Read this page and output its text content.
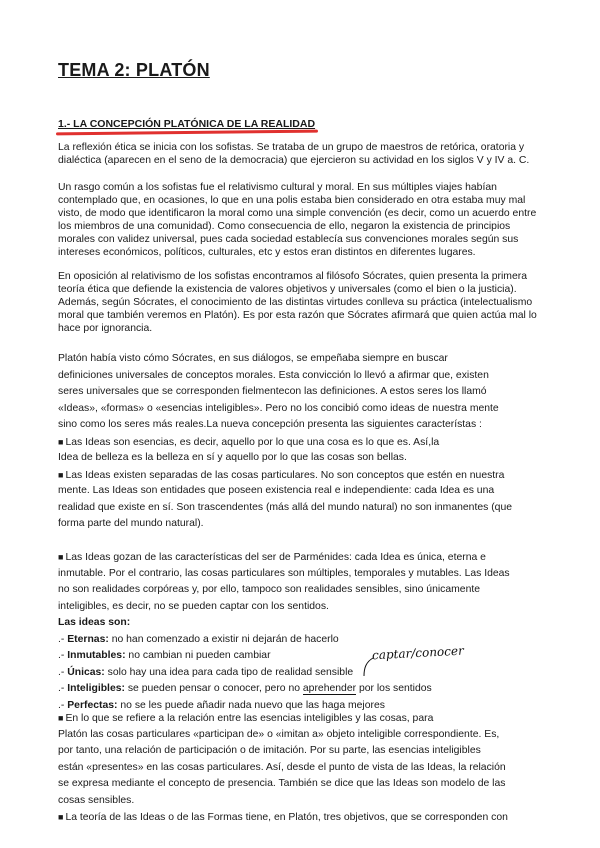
TEMA 2: PLATÓN
1.- LA CONCEPCIÓN PLATÓNICA DE LA REALIDAD

La reflexión ética se inicia con los sofistas. Se trataba de un grupo de maestros de retórica, oratoria y dialéctica (aparecen en el seno de la democracia) que ejercieron su actividad en los siglos V y IV a. C.

Un rasgo común a los sofistas fue el relativismo cultural y moral. En sus múltiples viajes habían contemplado que, en ocasiones, lo que en una polis estaba bien considerado en otra estaba muy mal visto, de modo que identificaron la moral como una simple convención (es decir, como un acuerdo entre los miembros de una comunidad). Como consecuencia de ello, negaron la existencia de principios morales con validez universal, pues cada sociedad establecía sus convenciones morales según sus intereses económicos, políticos, culturales, etc y estos eran distintos en diferentes lugares.

En oposición al relativismo de los sofistas encontramos al filósofo Sócrates, quien presenta la primera teoría ética que defiende la existencia de valores objetivos y universales (como el bien o la justicia). Además, según Sócrates, el conocimiento de las distintas virtudes conlleva su práctica (intelectualismo moral que también veremos en Platón). Es por esta razón que Sócrates afirmará que quien actúa mal lo hace por ignorancia.

Platón había visto cómo Sócrates, en sus diálogos, se empeñaba siempre en buscar
definiciones universales de conceptos morales. Esta convicción lo llevó a afirmar que, existen
seres universales que se corresponden fielmentecon las definiciones. A estos seres los llamó
«Ideas», «formas» o «esencias inteligibles». Pero no los concibió como ideas de nuestra mente
sino como los seres más reales.La nueva concepción presenta las siguientes característas :
■ Las Ideas son esencias, es decir, aquello por lo que una cosa es lo que es. Así,la
Idea de belleza es la belleza en sí y aquello por lo que las cosas son bellas.
■ Las Ideas existen separadas de las cosas particulares. No son conceptos que estén en nuestra
mente. Las Ideas son entidades que poseen existencia real e independiente: cada Idea es una
realidad que existe en sí. Son trascendentes (más allá del mundo natural) no son inmanentes (que
forma parte del mundo natural).
■ Las Ideas gozan de las características del ser de Parménides: cada Idea es única, eterna e
inmutable. Por el contrario, las cosas particulares son múltiples, temporales y mutables. Las Ideas
no son realidades corpóreas y, por ello, tampoco son realidades sensibles, sino únicamente
inteligibles, es decir, no se pueden captar con los sentidos.
Las ideas son:
.- Eternas: no han comenzado a existir ni dejarán de hacerlo
.- Inmutables: no cambian ni pueden cambiar
.- Únicas: solo hay una idea para cada tipo de realidad sensible
.- Inteligibles: se pueden pensar o conocer, pero no aprehender por los sentidos
.- Perfectas: no se les puede añadir nada nuevo que las haga mejores
captar/conocer
■ En lo que se refiere a la relación entre las esencias inteligibles y las cosas, para
Platón las cosas particulares «participan de» o «imitan a» objeto inteligible correspondiente. Es,
por tanto, una relación de participación o de imitación. Por su parte, las esencias inteligibles
están «presentes» en las cosas particulares. Así, desde el punto de vista de las Ideas, la relación
se expresa mediante el concepto de presencia. También se dice que las Ideas son modelo de las
cosas sensibles.
■ La teoría de las Ideas o de las Formas tiene, en Platón, tres objetivos, que se corresponden con
